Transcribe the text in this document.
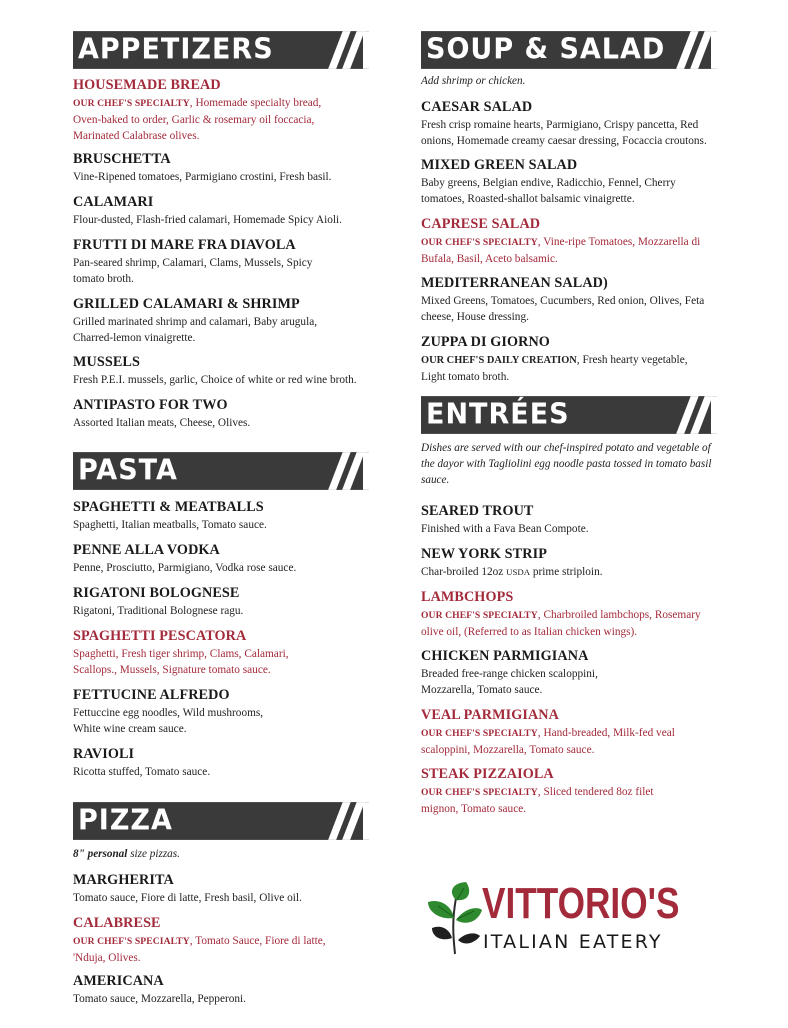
APPETIZERS
HOUSEMADE BREAD
OUR CHEF'S SPECIALTY, Homemade specialty bread, Oven-baked to order, Garlic & rosemary oil foccacia, Marinated Calabrase olives.
BRUSCHETTA
Vine-Ripened tomatoes, Parmigiano crostini, Fresh basil.
CALAMARI
Flour-dusted, Flash-fried calamari, Homemade Spicy Aioli.
FRUTTI DI MARE FRA DIAVOLA
Pan-seared shrimp, Calamari, Clams, Mussels, Spicy tomato broth.
GRILLED CALAMARI & SHRIMP
Grilled marinated shrimp and calamari, Baby arugula, Charred-lemon vinaigrette.
MUSSELS
Fresh P.E.I. mussels, garlic, Choice of white or red wine broth.
ANTIPASTO FOR TWO
Assorted Italian meats, Cheese, Olives.
PASTA
SPAGHETTI & MEATBALLS
Spaghetti, Italian meatballs, Tomato sauce.
PENNE ALLA VODKA
Penne, Prosciutto, Parmigiano, Vodka rose sauce.
RIGATONI BOLOGNESE
Rigatoni, Traditional Bolognese ragu.
SPAGHETTI PESCATORA
Spaghetti, Fresh tiger shrimp, Clams, Calamari, Scallops., Mussels, Signature tomato sauce.
FETTUCINE ALFREDO
Fettuccine egg noodles, Wild mushrooms, White wine cream sauce.
RAVIOLI
Ricotta stuffed, Tomato sauce.
PIZZA
8" personal size pizzas.
MARGHERITA
Tomato sauce, Fiore di latte, Fresh basil, Olive oil.
CALABRESE
OUR CHEF'S SPECIALTY, Tomato Sauce, Fiore di latte, 'Nduja, Olives.
AMERICANA
Tomato sauce, Mozzarella, Pepperoni.
SOUP & SALAD
Add shrimp or chicken.
CAESAR SALAD
Fresh crisp romaine hearts, Parmigiano, Crispy pancetta, Red onions, Homemade creamy caesar dressing, Focaccia croutons.
MIXED GREEN SALAD
Baby greens, Belgian endive, Radicchio, Fennel, Cherry tomatoes, Roasted-shallot balsamic vinaigrette.
CAPRESE SALAD
OUR CHEF'S SPECIALTY, Vine-ripe Tomatoes, Mozzarella di Bufala, Basil, Aceto balsamic.
MEDITERRANEAN SALAD)
Mixed Greens, Tomatoes, Cucumbers, Red onion, Olives, Feta cheese, House dressing.
ZUPPA DI GIORNO
OUR CHEF'S DAILY CREATION, Fresh hearty vegetable, Light tomato broth.
ENTRÉES
Dishes are served with our chef-inspired potato and vegetable of the dayor with Tagliolini egg noodle pasta tossed in tomato basil sauce.
SEARED TROUT
Finished with a Fava Bean Compote.
NEW YORK STRIP
Char-broiled 12oz USDA prime striploin.
LAMBCHOPS
OUR CHEF'S SPECIALTY, Charbroiled lambchops, Rosemary olive oil, (Referred to as Italian chicken wings).
CHICKEN PARMIGIANA
Breaded free-range chicken scaloppini, Mozzarella, Tomato sauce.
VEAL PARMIGIANA
OUR CHEF'S SPECIALTY, Hand-breaded, Milk-fed veal scaloppini, Mozzarella, Tomato sauce.
STEAK PIZZAIOLA
OUR CHEF'S SPECIALTY, Sliced tendered 8oz filet mignon, Tomato sauce.
VITTORIO'S
ITALIAN EATERY
